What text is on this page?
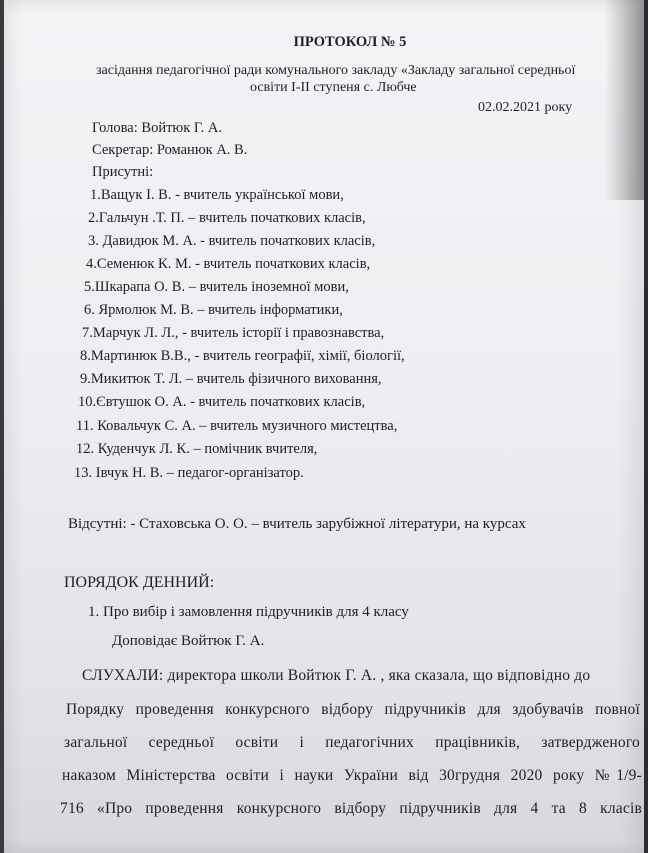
ПРОТОКОЛ № 5
засідання педагогічної ради комунального закладу «Закладу загальної середньої
освіти І-ІІ ступеня с. Любче
02.02.2021 року
Голова: Войтюк Г. А.
Секретар: Романюк А. В.
Присутні:
1.Ващук І. В. - вчитель української мови,
2.Гальчун .Т. П. – вчитель початкових класів,
3. Давидюк М. А. - вчитель початкових класів,
4.Семенюк К. М. - вчитель початкових класів,
5.Шкарапа О. В. – вчитель іноземної мови,
6. Ярмолюк М. В. – вчитель інформатики,
7.Марчук Л. Л., - вчитель історії і правознавства,
8.Мартинюк В.В., - вчитель географії, хімії, біології,
9.Микитюк Т. Л. – вчитель фізичного виховання,
10.Євтушок О. А. - вчитель початкових класів,
11. Ковальчук С. А. – вчитель музичного мистецтва,
12. Куденчук Л. К. – помічник вчителя,
13. Івчук Н. В. – педагог-організатор.
Відсутні: - Стаховська О. О. – вчитель зарубіжної літератури, на курсах
ПОРЯДОК ДЕННИЙ:
1. Про вибір і замовлення підручників для 4 класу
Доповідає Войтюк Г. А.
СЛУХАЛИ: директора школи Войтюк Г. А. , яка сказала, що відповідно до
Порядку проведення конкурсного відбору підручників для здобувачів повної
загальної середньої освіти і педагогічних працівників, затвердженого
наказом Міністерства освіти і науки України від 30грудня 2020 року №1/9-
716 «Про проведення конкурсного відбору підручників для 4 та 8 класів
